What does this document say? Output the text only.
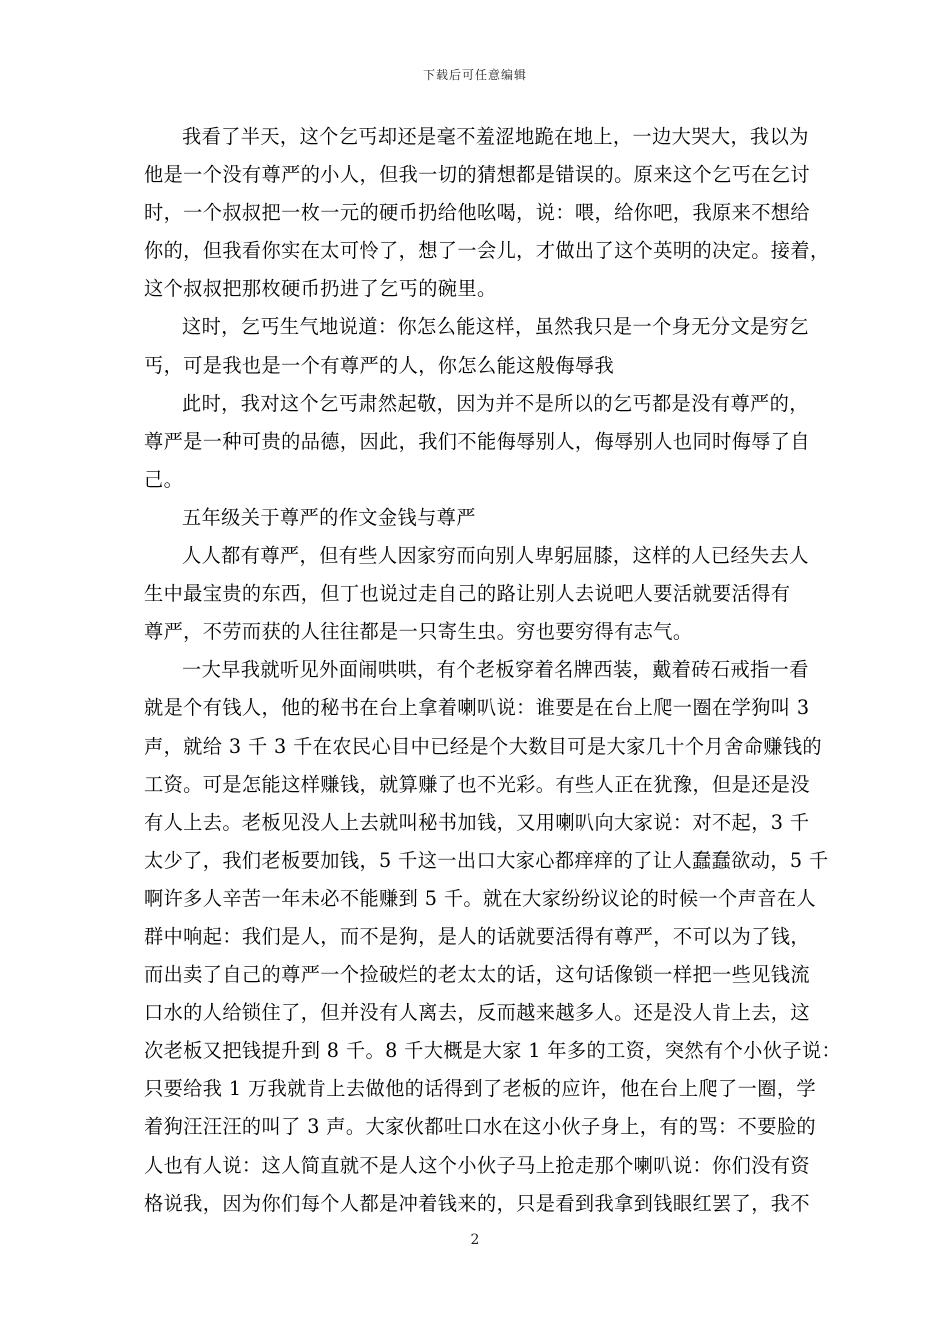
下载后可任意编辑
我看了半天，这个乞丐却还是毫不羞涩地跪在地上，一边大哭大，我以为
他是一个没有尊严的小人，但我一切的猜想都是错误的。原来这个乞丐在乞讨
时，一个叔叔把一枚一元的硬币扔给他吆喝，说：喂，给你吧，我原来不想给
你的，但我看你实在太可怜了，想了一会儿，才做出了这个英明的决定。接着，
这个叔叔把那枚硬币扔进了乞丐的碗里。
这时，乞丐生气地说道：你怎么能这样，虽然我只是一个身无分文是穷乞
丐，可是我也是一个有尊严的人，你怎么能这般侮辱我
此时，我对这个乞丐肃然起敬，因为并不是所以的乞丐都是没有尊严的，
尊严是一种可贵的品德，因此，我们不能侮辱别人，侮辱别人也同时侮辱了自
己。
五年级关于尊严的作文金钱与尊严
人人都有尊严，但有些人因家穷而向别人卑躬屈膝，这样的人已经失去人
生中最宝贵的东西，但丁也说过走自己的路让别人去说吧人要活就要活得有
尊严，不劳而获的人往往都是一只寄生虫。穷也要穷得有志气。
一大早我就听见外面闹哄哄，有个老板穿着名牌西装，戴着砖石戒指一看
就是个有钱人，他的秘书在台上拿着喇叭说：谁要是在台上爬一圈在学狗叫 3
声，就给 3 千 3 千在农民心目中已经是个大数目可是大家几十个月舍命赚钱的
工资。可是怎能这样赚钱，就算赚了也不光彩。有些人正在犹豫，但是还是没
有人上去。老板见没人上去就叫秘书加钱，又用喇叭向大家说：对不起，3 千
太少了，我们老板要加钱，5 千这一出口大家心都痒痒的了让人蠢蠢欲动，5 千
啊许多人辛苦一年未必不能赚到 5 千。就在大家纷纷议论的时候一个声音在人
群中响起：我们是人，而不是狗，是人的话就要活得有尊严，不可以为了钱，
而出卖了自己的尊严一个捡破烂的老太太的话，这句话像锁一样把一些见钱流
口水的人给锁住了，但并没有人离去，反而越来越多人。还是没人肯上去，这
次老板又把钱提升到 8 千。8 千大概是大家 1 年多的工资，突然有个小伙子说：
只要给我 1 万我就肯上去做他的话得到了老板的应许，他在台上爬了一圈，学
着狗汪汪汪的叫了 3 声。大家伙都吐口水在这小伙子身上，有的骂：不要脸的
人也有人说：这人简直就不是人这个小伙子马上抢走那个喇叭说：你们没有资
格说我，因为你们每个人都是冲着钱来的，只是看到我拿到钱眼红罢了，我不
2
